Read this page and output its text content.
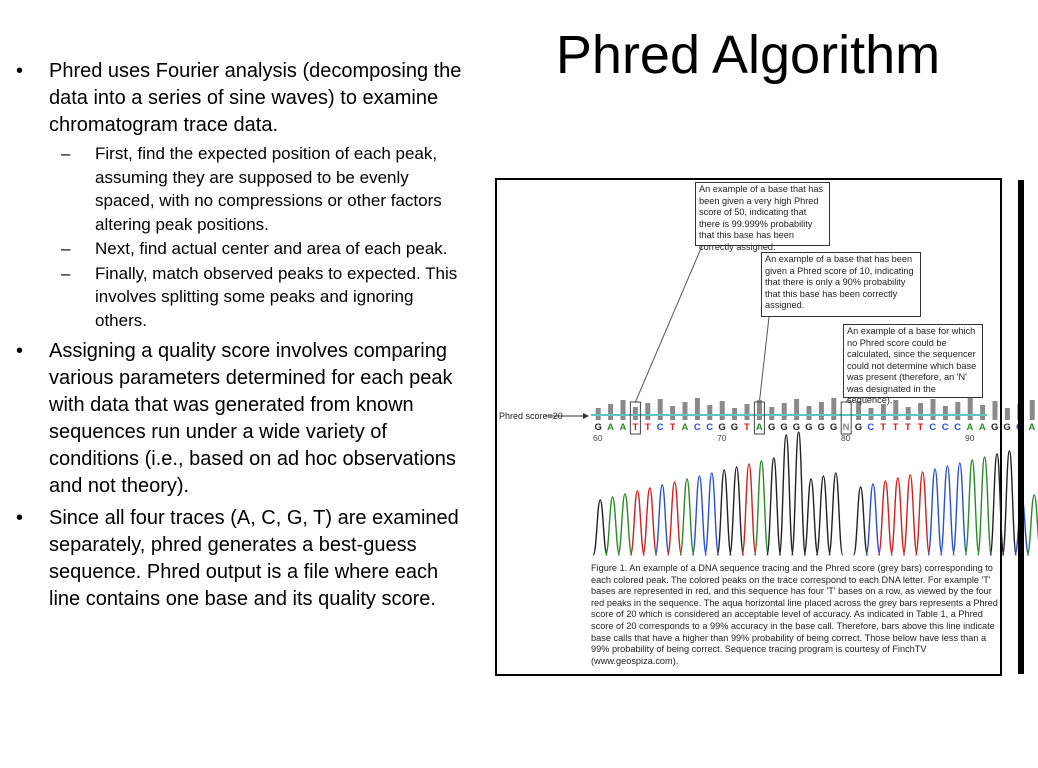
Phred Algorithm
• Phred uses Fourier analysis (decomposing the data into a series of sine waves) to examine chromatogram trace data.
– First, find the expected position of each peak, assuming they are supposed to be evenly spaced, with no compressions or other factors altering peak positions.
– Next, find actual center and area of each peak.
– Finally, match observed peaks to expected. This involves splitting some peaks and ignoring others.
• Assigning a quality score involves comparing various parameters determined for each peak with data that was generated from known sequences run under a wide variety of conditions (i.e., based on ad hoc observations and not theory).
• Since all four traces (A, C, G, T) are examined separately, phred generates a best-guess sequence. Phred output is a file where each line contains one base and its quality score.
An example of a base that has been given a very high Phred score of 50, indicating that there is 99.999% probability that this base has been correctly assigned.
An example of a base that has been given a Phred score of 10, indicating that there is only a 90% probability that this base has been correctly assigned.
An example of a base for which no Phred score could be calculated, since the sequencer could not determine which base was present (therefore, an 'N' was designated in the sequence).
Phred score=20
G A A T T C T A C C G G T A G G G G G G N G C T T T T C C C A A G G A
60	70	80	90
Figure 1. An example of a DNA sequence tracing and the Phred score (grey bars) corresponding to each colored peak. The colored peaks on the trace correspond to each DNA letter. For example 'T' bases are represented in red, and this sequence has four 'T' bases on a row, as viewed by the four red peaks in the sequence. The aqua horizontal line placed across the grey bars represents a Phred score of 20 which is considered an acceptable level of accuracy. As indicated in Table 1, a Phred score of 20 corresponds to a 99% accuracy in the base call. Therefore, bars above this line indicate base calls that have a higher than 99% probability of being correct. Those below have less than a 99% probability of being correct. Sequence tracing program is courtesy of FinchTV (www.geospiza.com).
